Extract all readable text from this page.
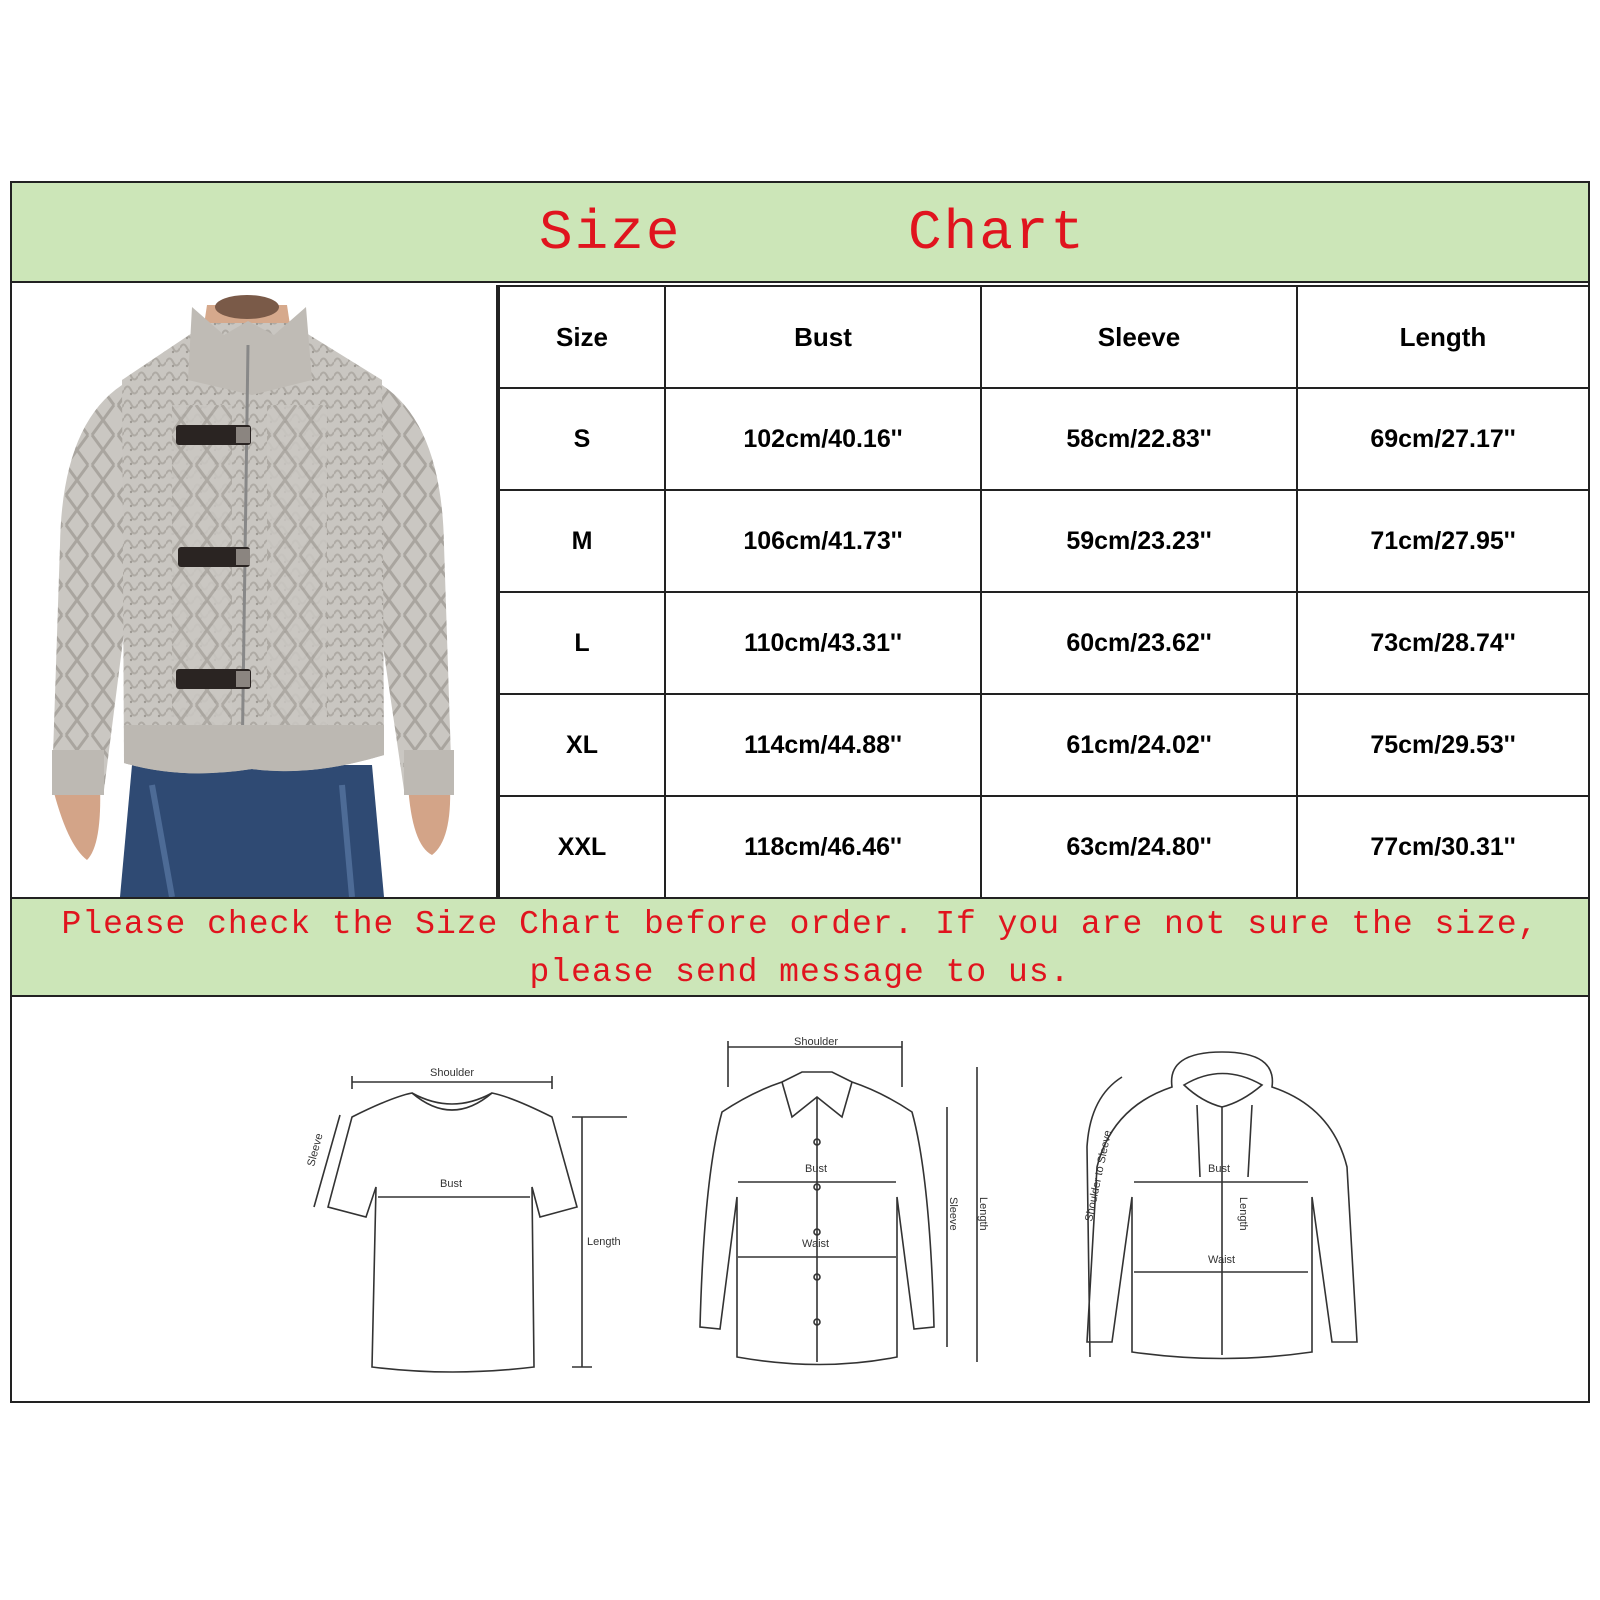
Size	Chart
Size	Bust	Sleeve	Length
S	102cm/40.16''	58cm/22.83''	69cm/27.17''
M	106cm/41.73''	59cm/23.23''	71cm/27.95''
L	110cm/43.31''	60cm/23.62''	73cm/28.74''
XL	114cm/44.88''	61cm/24.02''	75cm/29.53''
XXL	118cm/46.46''	63cm/24.80''	77cm/30.31''
Please check the Size Chart before order. If you are not sure the size,
please send message to us.
Shoulder
Bust
Length
Sleeve
Shoulder
Bust
Waist
Sleeve Length
Bust
Waist
Length
Shoulder to Sleeve
